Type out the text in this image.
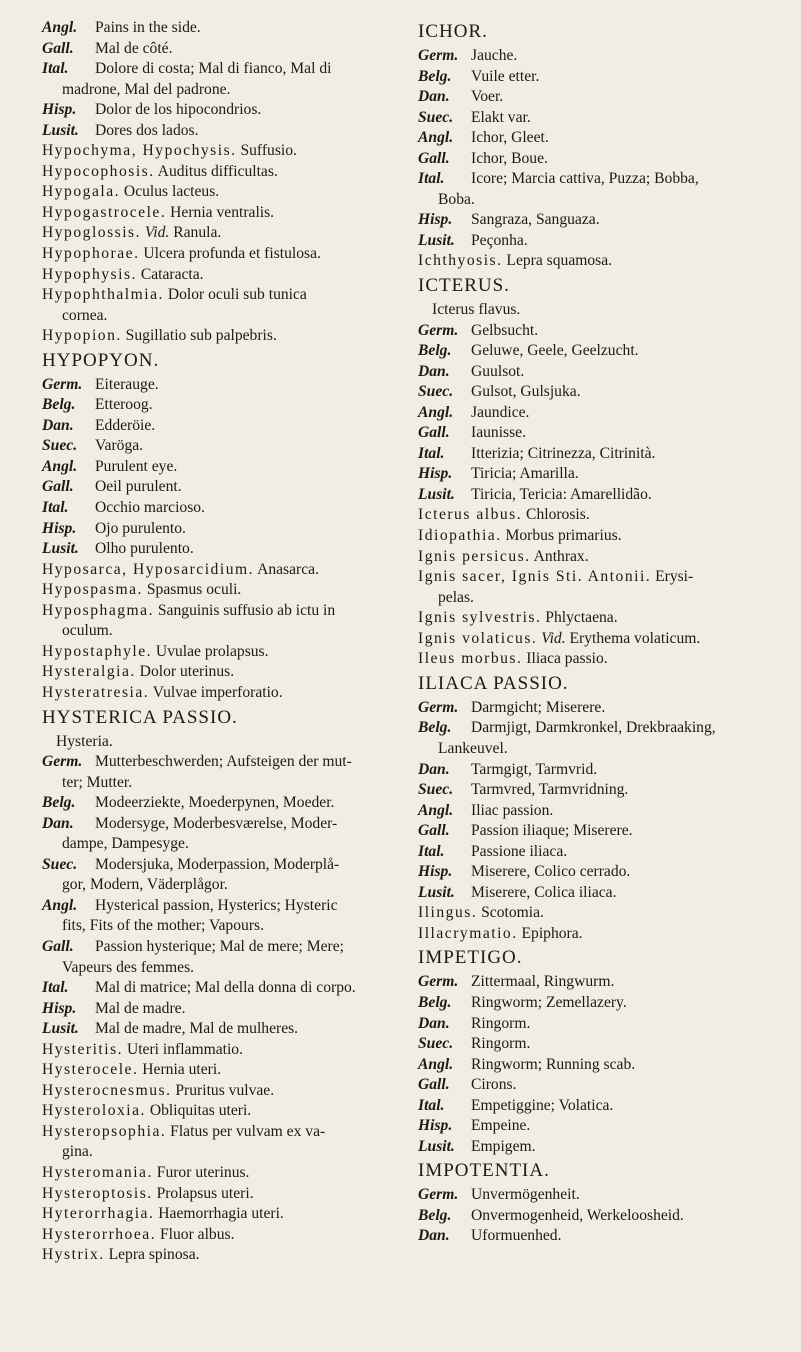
Angl. Pains in the side.
Gall. Mal de côté.
Ital. Dolore di costa; Mal di fianco, Mal di
madrone, Mal del padrone.
Hisp. Dolor de los hipocondrios.
Lusit. Dores dos lados.
Hypochyma, Hypochysis. Suffusio.
Hypocophosis. Auditus difficultas.
Hypogala. Oculus lacteus.
Hypogastrocele. Hernia ventralis.
Hypoglossis. Vid. Ranula.
Hypophorae. Ulcera profunda et fistulosa.
Hypophysis. Cataracta.
Hypophthalmia. Dolor oculi sub tunica
cornea.
Hypopion. Sugillatio sub palpebris.
HYPOPYON.
Germ. Eiterauge.
Belg. Etteroog.
Dan. Edderöie.
Suec. Varöga.
Angl. Purulent eye.
Gall. Oeil purulent.
Ital. Occhio marcioso.
Hisp. Ojo purulento.
Lusit. Olho purulento.
Hyposarca, Hyposarcidium. Anasarca.
Hypospasma. Spasmus oculi.
Hyposphagma. Sanguinis suffusio ab ictu in
oculum.
Hypostaphyle. Uvulae prolapsus.
Hysteralgia. Dolor uterinus.
Hysteratresia. Vulvae imperforatio.
HYSTERICA PASSIO.
Hysteria.
Germ. Mutterbeschwerden; Aufsteigen der mut-
ter; Mutter.
Belg. Modeerziekte, Moederpynen, Moeder.
Dan. Modersyge, Moderbesværelse, Moder-
dampe, Dampesyge.
Suec. Modersjuka, Moderpassion, Moderplå-
gor, Modern, Väderplågor.
Angl. Hysterical passion, Hysterics; Hysteric
fits, Fits of the mother; Vapours.
Gall. Passion hysterique; Mal de mere; Mere;
Vapeurs des femmes.
Ital. Mal di matrice; Mal della donna di corpo.
Hisp. Mal de madre.
Lusit. Mal de madre, Mal de mulheres.
Hysteritis. Uteri inflammatio.
Hysterocele. Hernia uteri.
Hysterocnesmus. Pruritus vulvae.
Hysteroloxia. Obliquitas uteri.
Hysteropsophia. Flatus per vulvam ex va-
gina.
Hysteromania. Furor uterinus.
Hysteroptosis. Prolapsus uteri.
Hyterorrhagia. Haemorrhagia uteri.
Hysterorrhoea. Fluor albus.
Hystrix. Lepra spinosa.
ICHOR.
Germ. Jauche.
Belg. Vuile etter.
Dan. Voer.
Suec. Elakt var.
Angl. Ichor, Gleet.
Gall. Ichor, Boue.
Ital. Icore; Marcia cattiva, Puzza; Bobba,
Boba.
Hisp. Sangraza, Sanguaza.
Lusit. Peçonha.
Ichthyosis. Lepra squamosa.
ICTERUS.
Icterus flavus.
Germ. Gelbsucht.
Belg. Geluwe, Geele, Geelzucht.
Dan. Guulsot.
Suec. Gulsot, Gulsjuka.
Angl. Jaundice.
Gall. Iaunisse.
Ital. Itterizia; Citrinezza, Citrinità.
Hisp. Tiricia; Amarilla.
Lusit. Tiricia, Tericia: Amarellidão.
Icterus albus. Chlorosis.
Idiopathia. Morbus primarius.
Ignis persicus. Anthrax.
Ignis sacer, Ignis Sti. Antonii. Erysi-
pelas.
Ignis sylvestris. Phlyctaena.
Ignis volaticus. Vid. Erythema volaticum.
Ileus morbus. Iliaca passio.
ILIACA PASSIO.
Germ. Darmgicht; Miserere.
Belg. Darmjigt, Darmkronkel, Drekbraaking,
Lankeuvel.
Dan. Tarmgigt, Tarmvrid.
Suec. Tarmvred, Tarmvridning.
Angl. Iliac passion.
Gall. Passion iliaque; Miserere.
Ital. Passione iliaca.
Hisp. Miserere, Colico cerrado.
Lusit. Miserere, Colica iliaca.
Ilingus. Scotomia.
Illacrymatio. Epiphora.
IMPETIGO.
Germ. Zittermaal, Ringwurm.
Belg. Ringworm; Zemellazery.
Dan. Ringorm.
Suec. Ringorm.
Angl. Ringworm; Running scab.
Gall. Cirons.
Ital. Empetiggine; Volatica.
Hisp. Empeine.
Lusit. Empigem.
IMPOTENTIA.
Germ. Unvermögenheit.
Belg. Onvermogenheid, Werkeloosheid.
Dan. Uformuenhed.
